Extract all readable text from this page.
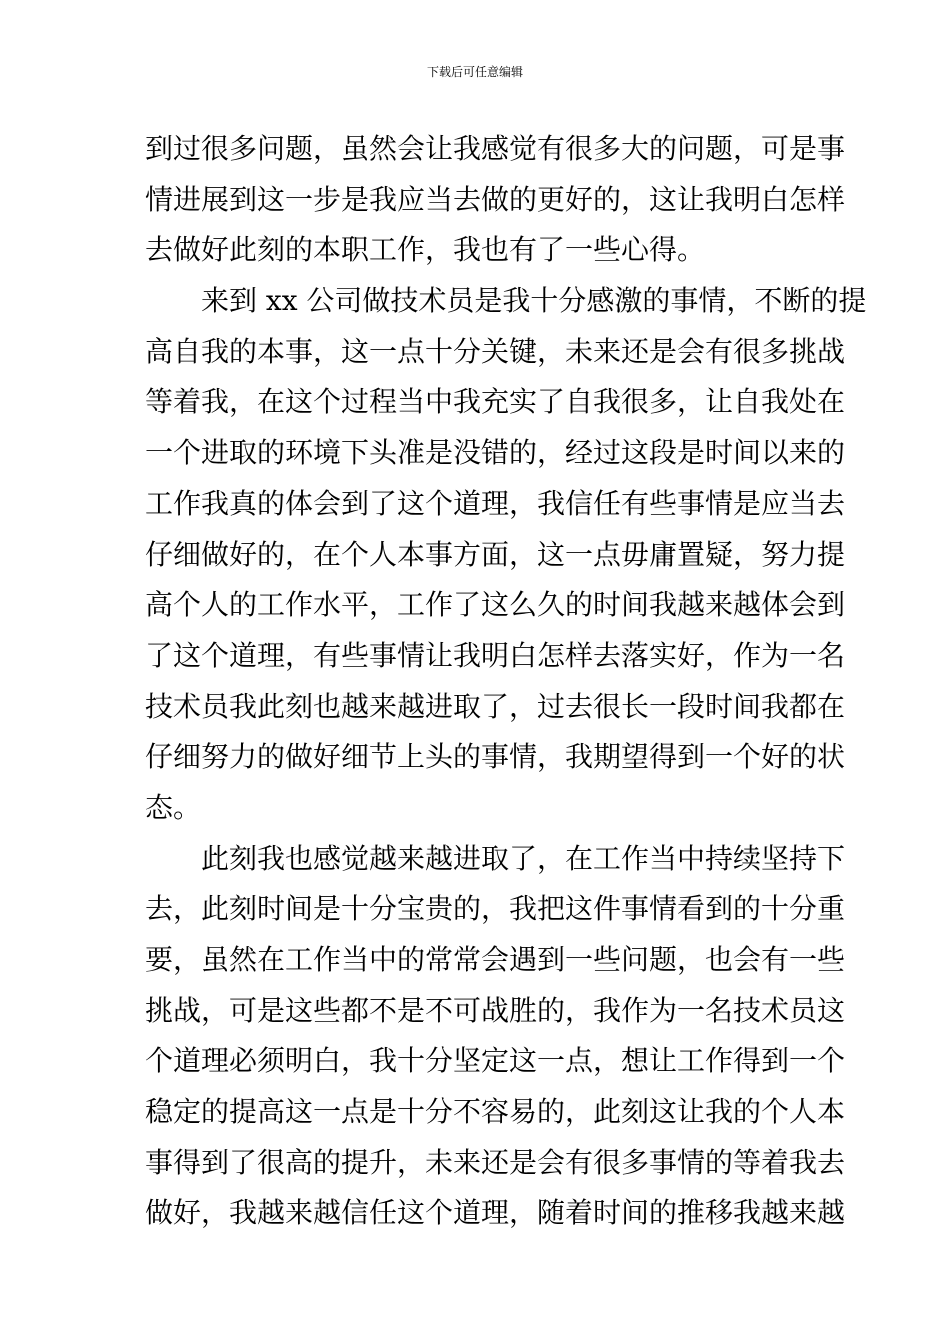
下载后可任意编辑
到过很多问题，虽然会让我感觉有很多大的问题，可是事
情进展到这一步是我应当去做的更好的，这让我明白怎样
去做好此刻的本职工作，我也有了一些心得。
来到 xx 公司做技术员是我十分感激的事情，不断的提
高自我的本事，这一点十分关键，未来还是会有很多挑战
等着我，在这个过程当中我充实了自我很多，让自我处在
一个进取的环境下头准是没错的，经过这段是时间以来的
工作我真的体会到了这个道理，我信任有些事情是应当去
仔细做好的，在个人本事方面，这一点毋庸置疑，努力提
高个人的工作水平，工作了这么久的时间我越来越体会到
了这个道理，有些事情让我明白怎样去落实好，作为一名
技术员我此刻也越来越进取了，过去很长一段时间我都在
仔细努力的做好细节上头的事情，我期望得到一个好的状
态。
此刻我也感觉越来越进取了，在工作当中持续坚持下
去，此刻时间是十分宝贵的，我把这件事情看到的十分重
要，虽然在工作当中的常常会遇到一些问题，也会有一些
挑战，可是这些都不是不可战胜的，我作为一名技术员这
个道理必须明白，我十分坚定这一点，想让工作得到一个
稳定的提高这一点是十分不容易的，此刻这让我的个人本
事得到了很高的提升，未来还是会有很多事情的等着我去
做好，我越来越信任这个道理，随着时间的推移我越来越
